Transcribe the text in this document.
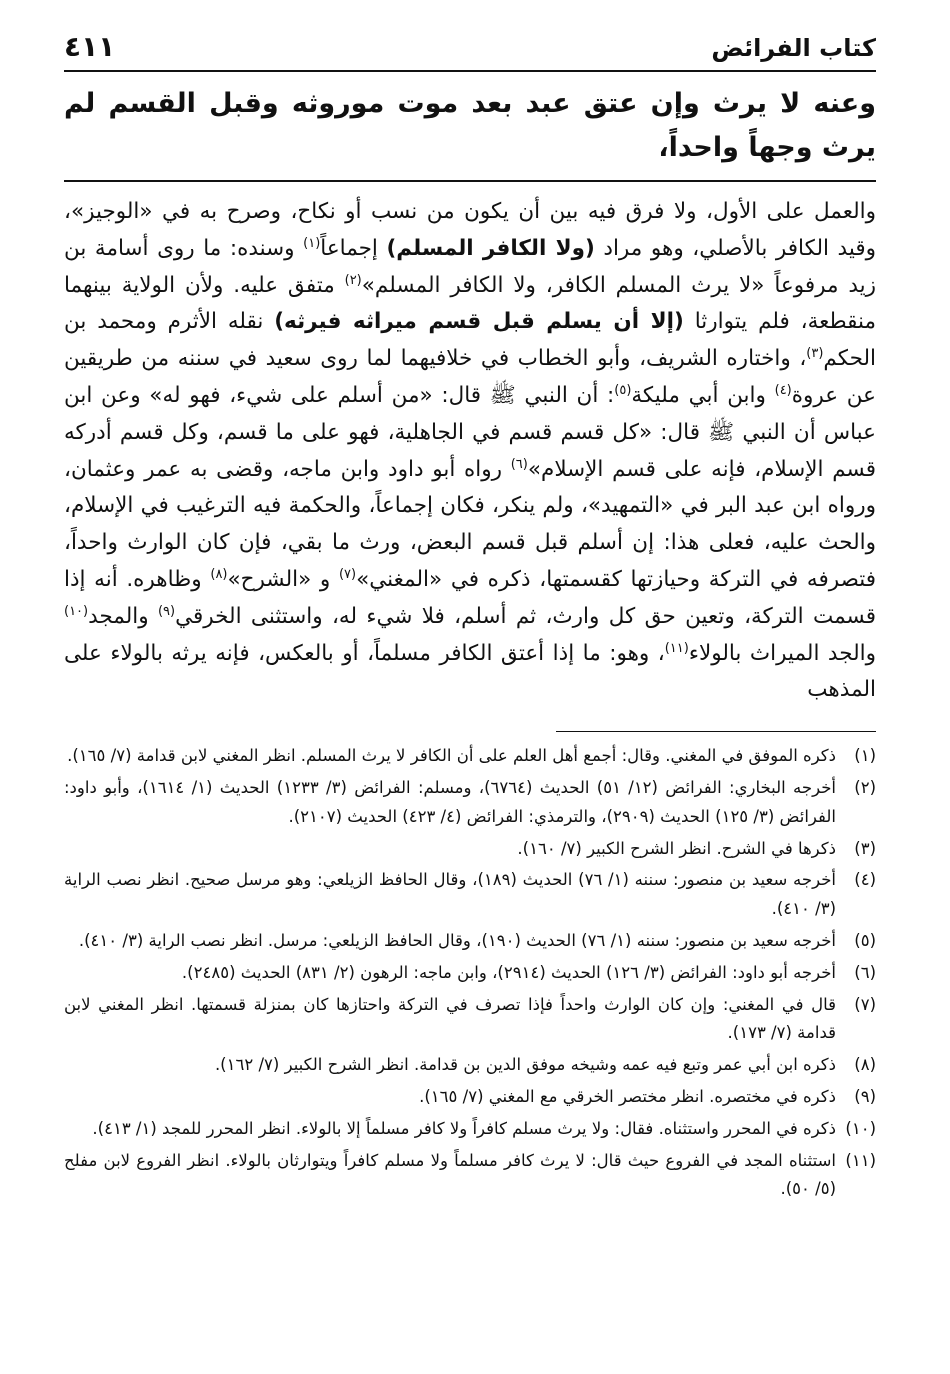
كتاب الفرائض
٤١١
وعنه لا يرث وإن عتق عبد بعد موت موروثه وقبل القسم لم يرث وجهاً واحداً،
والعمل على الأول، ولا فرق فيه بين أن يكون من نسب أو نكاح، وصرح به في «الوجيز»، وقيد الكافر بالأصلي، وهو مراد (ولا الكافر المسلم) إجماعاً$^{(١)}$ وسنده: ما روى أسامة بن زيد مرفوعاً «لا يرث المسلم الكافر، ولا الكافر المسلم»$^{(٢)}$ متفق عليه. ولأن الولاية بينهما منقطعة، فلم يتوارثا (إلا أن يسلم قبل قسم ميراثه فيرثه) نقله الأثرم ومحمد بن الحكم$^{(٣)}$، واختاره الشريف، وأبو الخطاب في خلافيهما لما روى سعيد في سننه من طريقين عن عروة$^{(٤)}$ وابن أبي مليكة$^{(٥)}$: أن النبي ﷺ قال: «من أسلم على شيء، فهو له» وعن ابن عباس أن النبي ﷺ قال: «كل قسم قسم في الجاهلية، فهو على ما قسم، وكل قسم أدركه قسم الإسلام، فإنه على قسم الإسلام»$^{(٦)}$ رواه أبو داود وابن ماجه، وقضى به عمر وعثمان، ورواه ابن عبد البر في «التمهيد»، ولم ينكر، فكان إجماعاً، والحكمة فيه الترغيب في الإسلام، والحث عليه، فعلى هذا: إن أسلم قبل قسم البعض، ورث ما بقي، فإن كان الوارث واحداً، فتصرفه في التركة وحيازتها كقسمتها، ذكره في «المغني»$^{(٧)}$ و «الشرح»$^{(٨)}$ وظاهره. أنه إذا قسمت التركة، وتعين حق كل وارث، ثم أسلم، فلا شيء له، واستثنى الخرقي$^{(٩)}$ والمجد$^{(١٠)}$ والجد الميراث بالولاء$^{(١١)}$، وهو: ما إذا أعتق الكافر مسلماً، أو بالعكس، فإنه يرثه بالولاء على المذهب
(١)
ذكره الموفق في المغني. وقال: أجمع أهل العلم على أن الكافر لا يرث المسلم. انظر المغني لابن قدامة (٧/ ١٦٥).
(٢)
أخرجه البخاري: الفرائض (١٢/ ٥١) الحديث (٦٧٦٤)، ومسلم: الفرائض (٣/ ١٢٣٣) الحديث (١/ ١٦١٤)، وأبو داود: الفرائض (٣/ ١٢٥) الحديث (٢٩٠٩)، والترمذي: الفرائض (٤/ ٤٢٣) الحديث (٢١٠٧).
(٣)
ذكرها في الشرح. انظر الشرح الكبير (٧/ ١٦٠).
(٤)
أخرجه سعيد بن منصور: سننه (١/ ٧٦) الحديث (١٨٩)، وقال الحافظ الزيلعي: وهو مرسل صحيح. انظر نصب الراية (٣/ ٤١٠).
(٥)
أخرجه سعيد بن منصور: سننه (١/ ٧٦) الحديث (١٩٠)، وقال الحافظ الزيلعي: مرسل. انظر نصب الراية (٣/ ٤١٠).
(٦)
أخرجه أبو داود: الفرائض (٣/ ١٢٦) الحديث (٢٩١٤)، وابن ماجه: الرهون (٢/ ٨٣١) الحديث (٢٤٨٥).
(٧)
قال في المغني: وإن كان الوارث واحداً فإذا تصرف في التركة واحتازها كان بمنزلة قسمتها. انظر المغني لابن قدامة (٧/ ١٧٣).
(٨)
ذكره ابن أبي عمر وتبع فيه عمه وشيخه موفق الدين بن قدامة. انظر الشرح الكبير (٧/ ١٦٢).
(٩)
ذكره في مختصره. انظر مختصر الخرقي مع المغني (٧/ ١٦٥).
(١٠)
ذكره في المحرر واستثناه. فقال: ولا يرث مسلم كافراً ولا كافر مسلماً إلا بالولاء. انظر المحرر للمجد (١/ ٤١٣).
(١١)
استثناه المجد في الفروع حيث قال: لا يرث كافر مسلماً ولا مسلم كافراً ويتوارثان بالولاء. انظر الفروع لابن مفلح (٥/ ٥٠).
